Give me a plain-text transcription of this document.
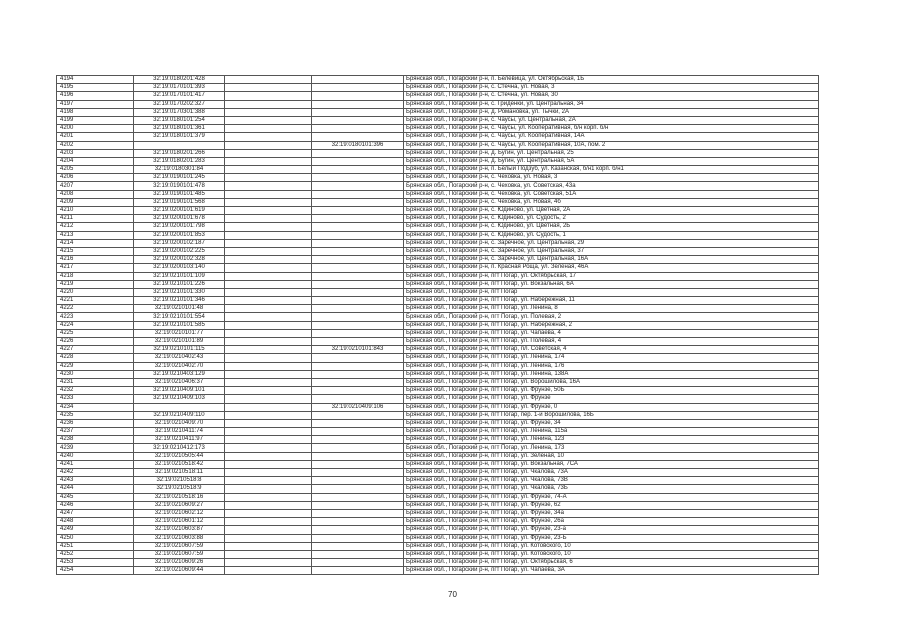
4194	32:19:0180201:428			Брянская обл., Погарский р-н, п. Белевица, ул. Октябрьская, 1Б
4195	32:19:0170101:393			Брянская обл., Погарский р-н, с. Стечна, ул. Новая, 3
4196	32:19:0170101:417			Брянская обл., Погарский р-н, с. Стечна, ул. Новая, 30
4197	32:19:0170202:327			Брянская обл., Погарский р-н, с. Гриденки, ул. Центральная, 34
4198	32:19:0170301:388			Брянская обл., Погарский р-н, д. Романовка, ул. Тычки, 2А
4199	32:19:0180101:254			Брянская обл., Погарский р-н, с. Чаусы, ул. Центральная, 2А
4200	32:19:0180101:361			Брянская обл., Погарский р-н, с. Чаусы, ул. Кооперативная, б/н корп. б/н
4201	32:19:0180101:379			Брянская обл., Погарский р-н, с. Чаусы, ул. Кооперативная, 14А
4202			32:19:0180101:396	Брянская обл., Погарский р-н, с. Чаусы, ул. Кооперативная, 10А, пом. 2
4203	32:19:0180201:266			Брянская обл., Погарский р-н, д. Бугин, ул. Центральная, 25
4204	32:19:0180201:283			Брянская обл., Погарский р-н, д. Бугин, ул. Центральная, 5А
4205	32:19:0180301:84			Брянская обл., Погарский р-н, п. Белый Подзуб, ул. Казанская, б/н1 корп. б/н1
4206	32:19:0190101:245			Брянская обл., Погарский р-н, с. Чеховка, ул. Новая, 3
4207	32:19:0190101:478			Брянская обл., Погарский р-н, с. Чеховка, ул. Советская, 43а
4208	32:19:0190101:485			Брянская обл., Погарский р-н, с. Чеховка, ул. Советская, 51А
4209	32:19:0190101:568			Брянская обл., Погарский р-н, с. Чеховка, ул. Новая, 4б
4210	32:19:0200101:619			Брянская обл., Погарский р-н, с. Юдиново, ул. Цветная, 2А
4211	32:19:0200101:678			Брянская обл., Погарский р-н, с. Юдиново, ул. Судость, 2
4212	32:19:0200101:798			Брянская обл., Погарский р-н, с. Юдиново, ул. Цветная, 2Б
4213	32:19:0200101:853			Брянская обл., Погарский р-н, с. Юдиново, ул. Судость, 1
4214	32:19:0200102:187			Брянская обл., Погарский р-н, с. Заречное, ул. Центральная, 29
4215	32:19:0200102:225			Брянская обл., Погарский р-н, с. Заречное, ул. Центральная, 37
4216	32:19:0200102:328			Брянская обл., Погарский р-н, с. Заречное, ул. Центральная, 16А
4217	32:19:0200103:140			Брянская обл., Погарский р-н, п. Красная Роща, ул. Зеленая, 46А
4218	32:19:0210101:109			Брянская обл., Погарский р-н, пгт Погар, ул. Октябрьская, 17
4219	32:19:0210101:226			Брянская обл., Погарский р-н, пгт Погар, ул. Вокзальная, 6А
4220	32:19:0210101:330			Брянская обл., Погарский р-н, пгт Погар
4221	32:19:0210101:346			Брянская обл., Погарский р-н, пгт Погар, ул. Набережная, 11
4222	32:19:0210101:48			Брянская обл., Погарский р-н, пгт Погар, ул. Ленина, 8
4223	32:19:0210101:554			Брянская обл., Погарский р-н, пгт Погар, ул. Полевая, 2
4224	32:19:0210101:585			Брянская обл., Погарский р-н, пгт Погар, ул. Набережная, 2
4225	32:19:0210101:77			Брянская обл., Погарский р-н, пгт Погар, ул. Чапаева, 4
4226	32:19:0210101:89			Брянская обл., Погарский р-н, пгт Погар, ул. Полевая, 4
4227	32:19:0210101:115		32:19:0210101:843	Брянская обл., Погарский р-н, пгт Погар, пл. Советская, 4
4228	32:19:0210402:43			Брянская обл., Погарский р-н, пгт Погар, ул. Ленина, 174
4229	32:19:0210402:70			Брянская обл., Погарский р-н, пгт Погар, ул. Ленина, 176
4230	32:19:0210403:129			Брянская обл., Погарский р-н, пгт Погар, ул. Ленина, 138А
4231	32:19:0210406:37			Брянская обл., Погарский р-н, пгт Погар, ул. Ворошилова, 16А
4232	32:19:0210409:101			Брянская обл., Погарский р-н, пгт Погар, ул. Фрунзе, 50Б
4233	32:19:0210409:103			Брянская обл., Погарский р-н, пгт Погар, ул. Фрунзе
4234			32:19:0210409:106	Брянская обл., Погарский р-н, пгт Погар, ул. Фрунзе, 0
4235	32:19:0210409:110			Брянская обл., Погарский р-н, пгт Погар, пер. 1-й Ворошилова, 16Б
4236	32:19:0210409:70			Брянская обл., Погарский р-н, пгт Погар, ул. Фрунзе, 34
4237	32:19:0210411:74			Брянская обл., Погарский р-н, пгт Погар, ул. Ленина, 115а
4238	32:19:0210411:97			Брянская обл., Погарский р-н, пгт Погар, ул. Ленина, 123
4239	32:19:0210412:173			Брянская обл., Погарский р-н, пгт Погар, ул. Ленина, 173
4240	32:19:0210505:44			Брянская обл., Погарский р-н, пгт Погар, ул. Зеленая, 10
4241	32:19:0210518:42			Брянская обл., Погарский р-н, пгт Погар, ул. Вокзальная, 7СА
4242	32:19:0210518:11			Брянская обл., Погарский р-н, пгт Погар, ул. Чкалова, 73А
4243	32:19:0210518:8			Брянская обл., Погарский р-н, пгт Погар, ул. Чкалова, 73В
4244	32:19:0210518:9			Брянская обл., Погарский р-н, пгт Погар, ул. Чкалова, 73Б
4245	32:19:0210518:16			Брянская обл., Погарский р-н, пгт Погар, ул. Фрунзе, 74-А
4246	32:19:0210609:27			Брянская обл., Погарский р-н, пгт Погар, ул. Фрунзе, 62
4247	32:19:0210602:12			Брянская обл., Погарский р-н, пгт Погар, ул. Фрунзе, 34а
4248	32:19:0210601:12			Брянская обл., Погарский р-н, пгт Погар, ул. Фрунзе, 26а
4249	32:19:0210603:87			Брянская обл., Погарский р-н, пгт Погар, ул. Фрунзе, 23-а
4250	32:19:0210603:88			Брянская обл., Погарский р-н, пгт Погар, ул. Фрунзе, 23-Б
4251	32:19:0210607:59			Брянская обл., Погарский р-н, пгт Погар, ул. Котовского, 10
4252	32:19:0210607:59			Брянская обл., Погарский р-н, пгт Погар, ул. Котовского, 10
4253	32:19:0210609:26			Брянская обл., Погарский р-н, пгт Погар, ул. Октябрьская, 6
4254	32:19:0210609:44			Брянская обл., Погарский р-н, пгт Погар, ул. Чапаева, 3А
70
